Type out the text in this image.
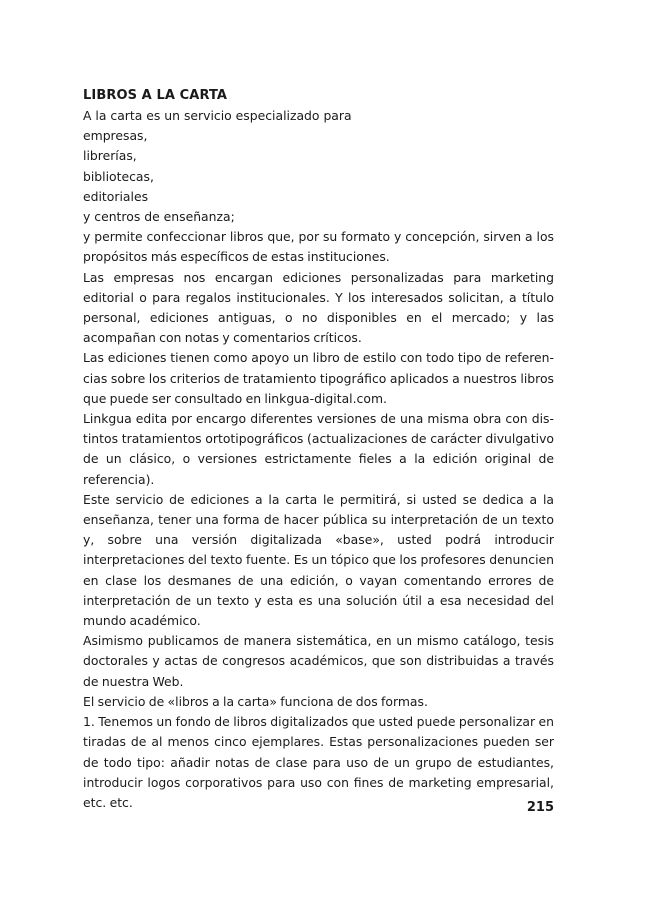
LIBROS A LA CARTA

A la carta es un servicio especializado para

empresas,

librerías,

bibliotecas,

editoriales

y centros de enseñanza;

y permite confeccionar libros que, por su formato y concepción, sirven a los propósitos más específicos de estas instituciones.

Las empresas nos encargan ediciones personalizadas para marketing editorial o para regalos institucionales. Y los interesados solicitan, a título personal, ediciones antiguas, o no disponibles en el mercado; y las acompañan con notas y comentarios críticos.

Las ediciones tienen como apoyo un libro de estilo con todo tipo de referencias sobre los criterios de tratamiento tipográfico aplicados a nuestros libros que puede ser consultado en linkgua-digital.com.

Linkgua edita por encargo diferentes versiones de una misma obra con distintos tratamientos ortotipográficos (actualizaciones de carácter divulgativo de un clásico, o versiones estrictamente fieles a la edición original de referencia).

Este servicio de ediciones a la carta le permitirá, si usted se dedica a la enseñanza, tener una forma de hacer pública su interpretación de un texto y, sobre una versión digitalizada «base», usted podrá introducir interpretaciones del texto fuente. Es un tópico que los profesores denuncien en clase los desmanes de una edición, o vayan comentando errores de interpretación de un texto y esta es una solución útil a esa necesidad del mundo académico.

Asimismo publicamos de manera sistemática, en un mismo catálogo, tesis doctorales y actas de congresos académicos, que son distribuidas a través de nuestra Web.

El servicio de «libros a la carta» funciona de dos formas.

1. Tenemos un fondo de libros digitalizados que usted puede personalizar en tiradas de al menos cinco ejemplares. Estas personalizaciones pueden ser de todo tipo: añadir notas de clase para uso de un grupo de estudiantes, introducir logos corporativos para uso con fines de marketing empresarial, etc. etc.	215
